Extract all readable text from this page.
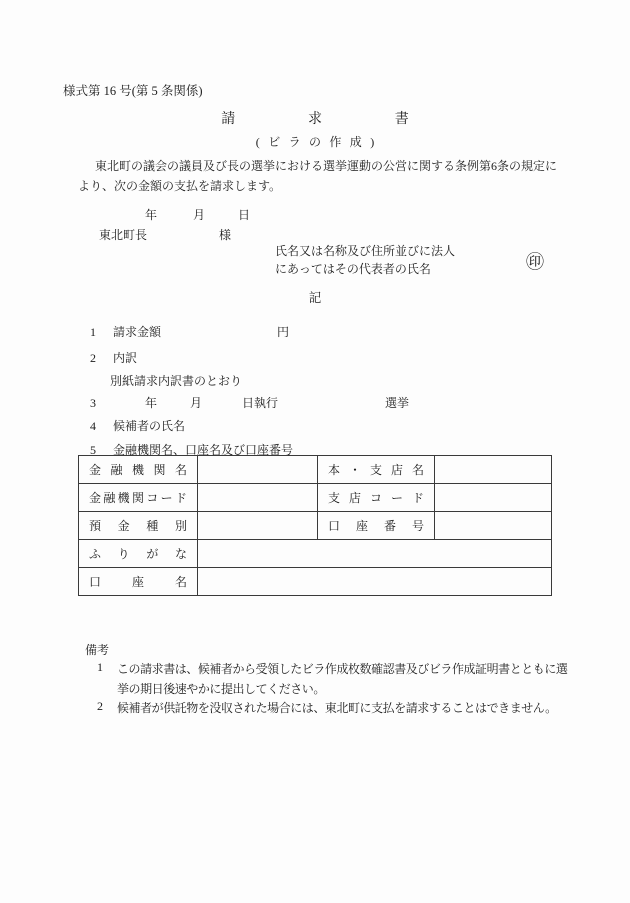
様式第 16 号(第 5 条関係)
請求書
(ビラの作成)
東北町の議会の議員及び長の選挙における選挙運動の公営に関する条例第6条の規定により、次の金額の支払を請求します。
年	月	日
東北町長	様
氏名又は名称及び住所並びに法人
にあってはその代表者の氏名	㊞
記
1	請求金額	円
2	内訳
別紙請求内訳書のとおり
3	年	月	日執行	選挙
4	候補者の氏名
5	金融機関名、口座名及び口座番号
金融機関名		本・支店名	
金融機関コード		支店コード	
預金種別		口座番号	
ふりがな			
口座名			
備考
1	この請求書は、候補者から受領したビラ作成枚数確認書及びビラ作成証明書とともに選挙の期日後速やかに提出してください。
2	候補者が供託物を没収された場合には、東北町に支払を請求することはできません。
